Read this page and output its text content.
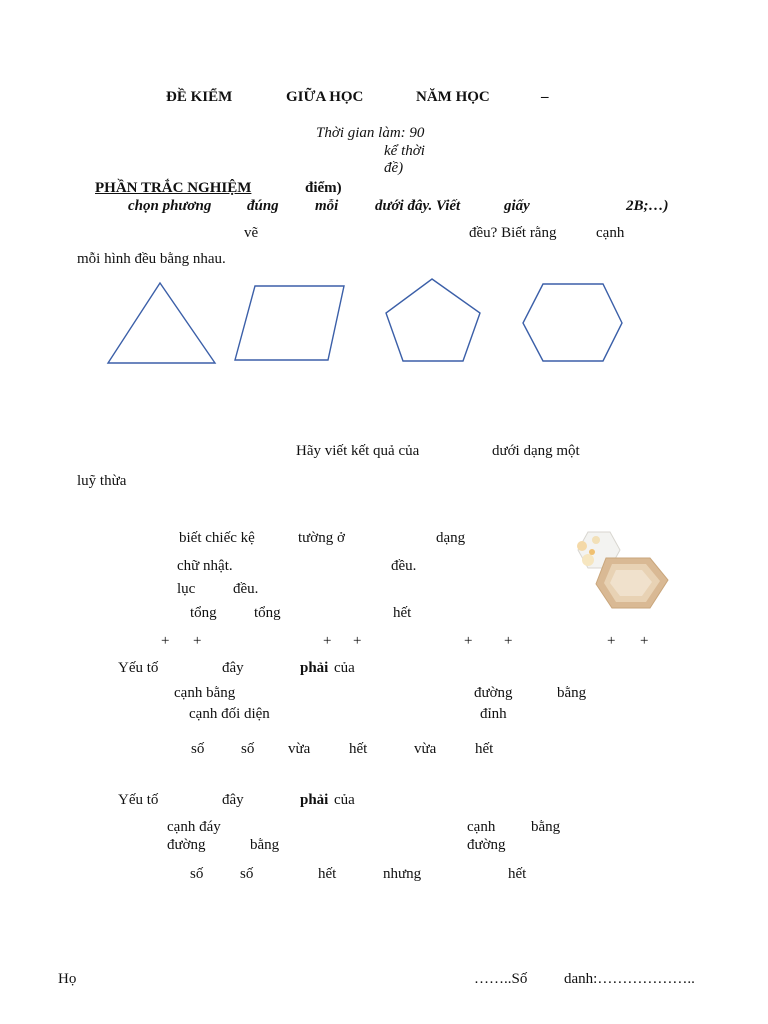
ĐỀ KIỂM	GIỮA HỌC	NĂM HỌC	–
Thời gian làm: 90
kể thời
đề)
PHẦN TRẮC NGHIỆM	điểm)
chọn phương đúng mỗi dưới đây. Viết	giấy	2B;…)
vẽ	đều? Biết rằng	cạnh
mỗi hình đều bằng nhau.
Hãy viết kết quả của	dưới dạng một
luỹ thừa
biết chiếc kệ	tường ở	dạng
chữ nhật.	đều.
lục	đều.
tổng tổng	hết
+ +	+ +	+ +	+ +
Yếu tố	đây	phải của
cạnh bằng	đường	bằng
cạnh đối diện	đỉnh
số số vừa	hết	vừa	hết
Yếu tố	đây	phải của
cạnh đáy	cạnh bằng
đường	bằng	đường
số số	hết	nhưng	hết
Họ	……..Số danh:………………..
